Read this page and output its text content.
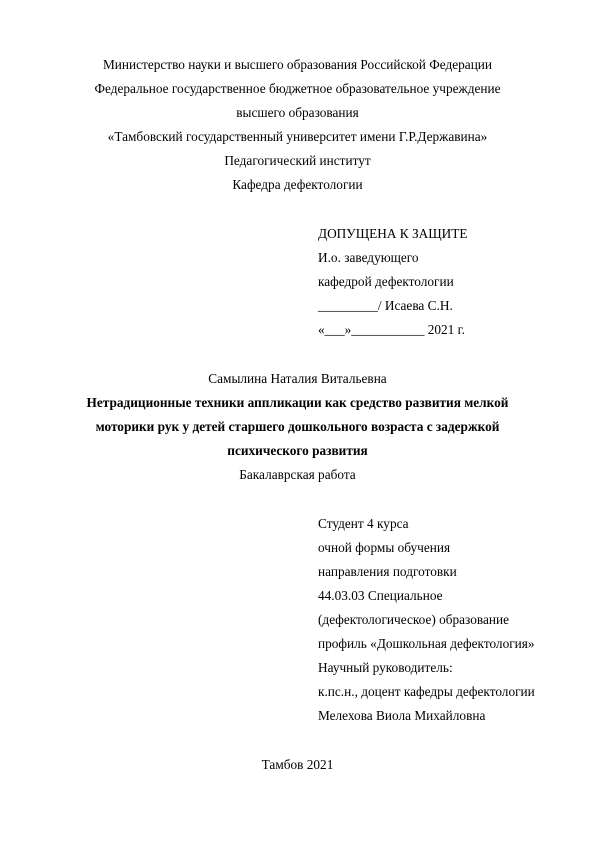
Министерство науки и высшего образования Российской Федерации
Федеральное государственное бюджетное образовательное учреждение
высшего образования
«Тамбовский государственный университет имени Г.Р.Державина»
Педагогический институт
Кафедра дефектологии
ДОПУЩЕНА К ЗАЩИТЕ
И.о. заведующего
кафедрой дефектологии
_________/ Исаева С.Н.
«___»___________ 2021 г.
Самылина Наталия Витальевна
Нетрадиционные техники аппликации как средство развития мелкой
моторики рук у детей старшего дошкольного возраста с задержкой
психического развития
Бакалаврская работа
Студент 4 курса
очной формы обучения
направления подготовки
44.03.03 Специальное
(дефектологическое) образование
профиль «Дошкольная дефектология»
Научный руководитель:
к.пс.н., доцент кафедры дефектологии
Мелехова Виола Михайловна
Тамбов 2021
